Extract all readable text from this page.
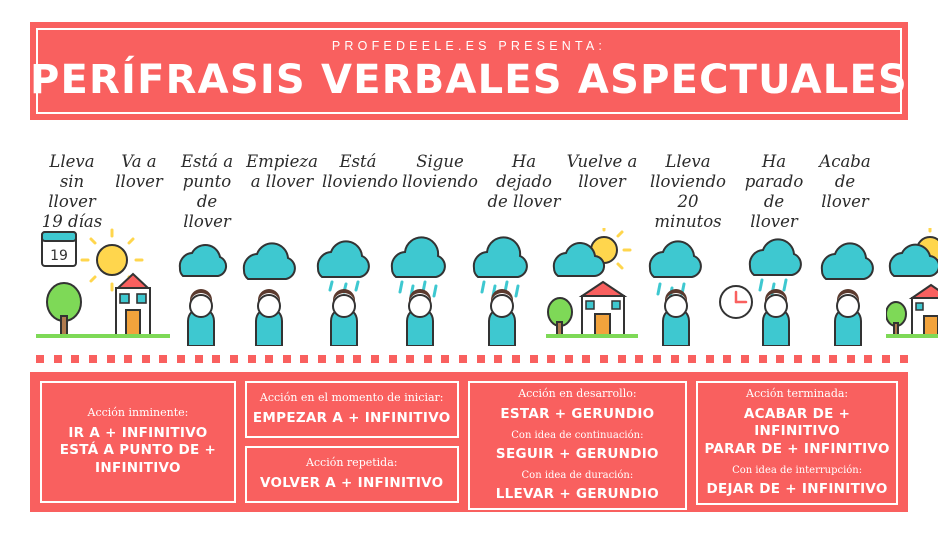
PROFEDEELE.ES PRESENTA:
PERÍFRASIS VERBALES ASPECTUALES
Lleva sin llover 19 días
Va a llover
Está a punto de llover
Empieza a llover
Está lloviendo
Sigue lloviendo
Ha dejado de llover
Vuelve a llover
Lleva lloviendo 20 minutos
Ha parado de llover
Acaba de llover
19
Acción inminente:
IR A + INFINITIVO
ESTÁ A PUNTO DE + INFINITIVO
Acción en el momento de iniciar:
EMPEZAR A + INFINITIVO
Acción repetida:
VOLVER A + INFINITIVO
Acción en desarrollo:
ESTAR + GERUNDIO
Con idea de continuación:
SEGUIR + GERUNDIO
Con idea de duración:
LLEVAR + GERUNDIO
Acción terminada:
ACABAR DE + INFINITIVO
PARAR DE + INFINITIVO
Con idea de interrupción:
DEJAR DE + INFINITIVO
